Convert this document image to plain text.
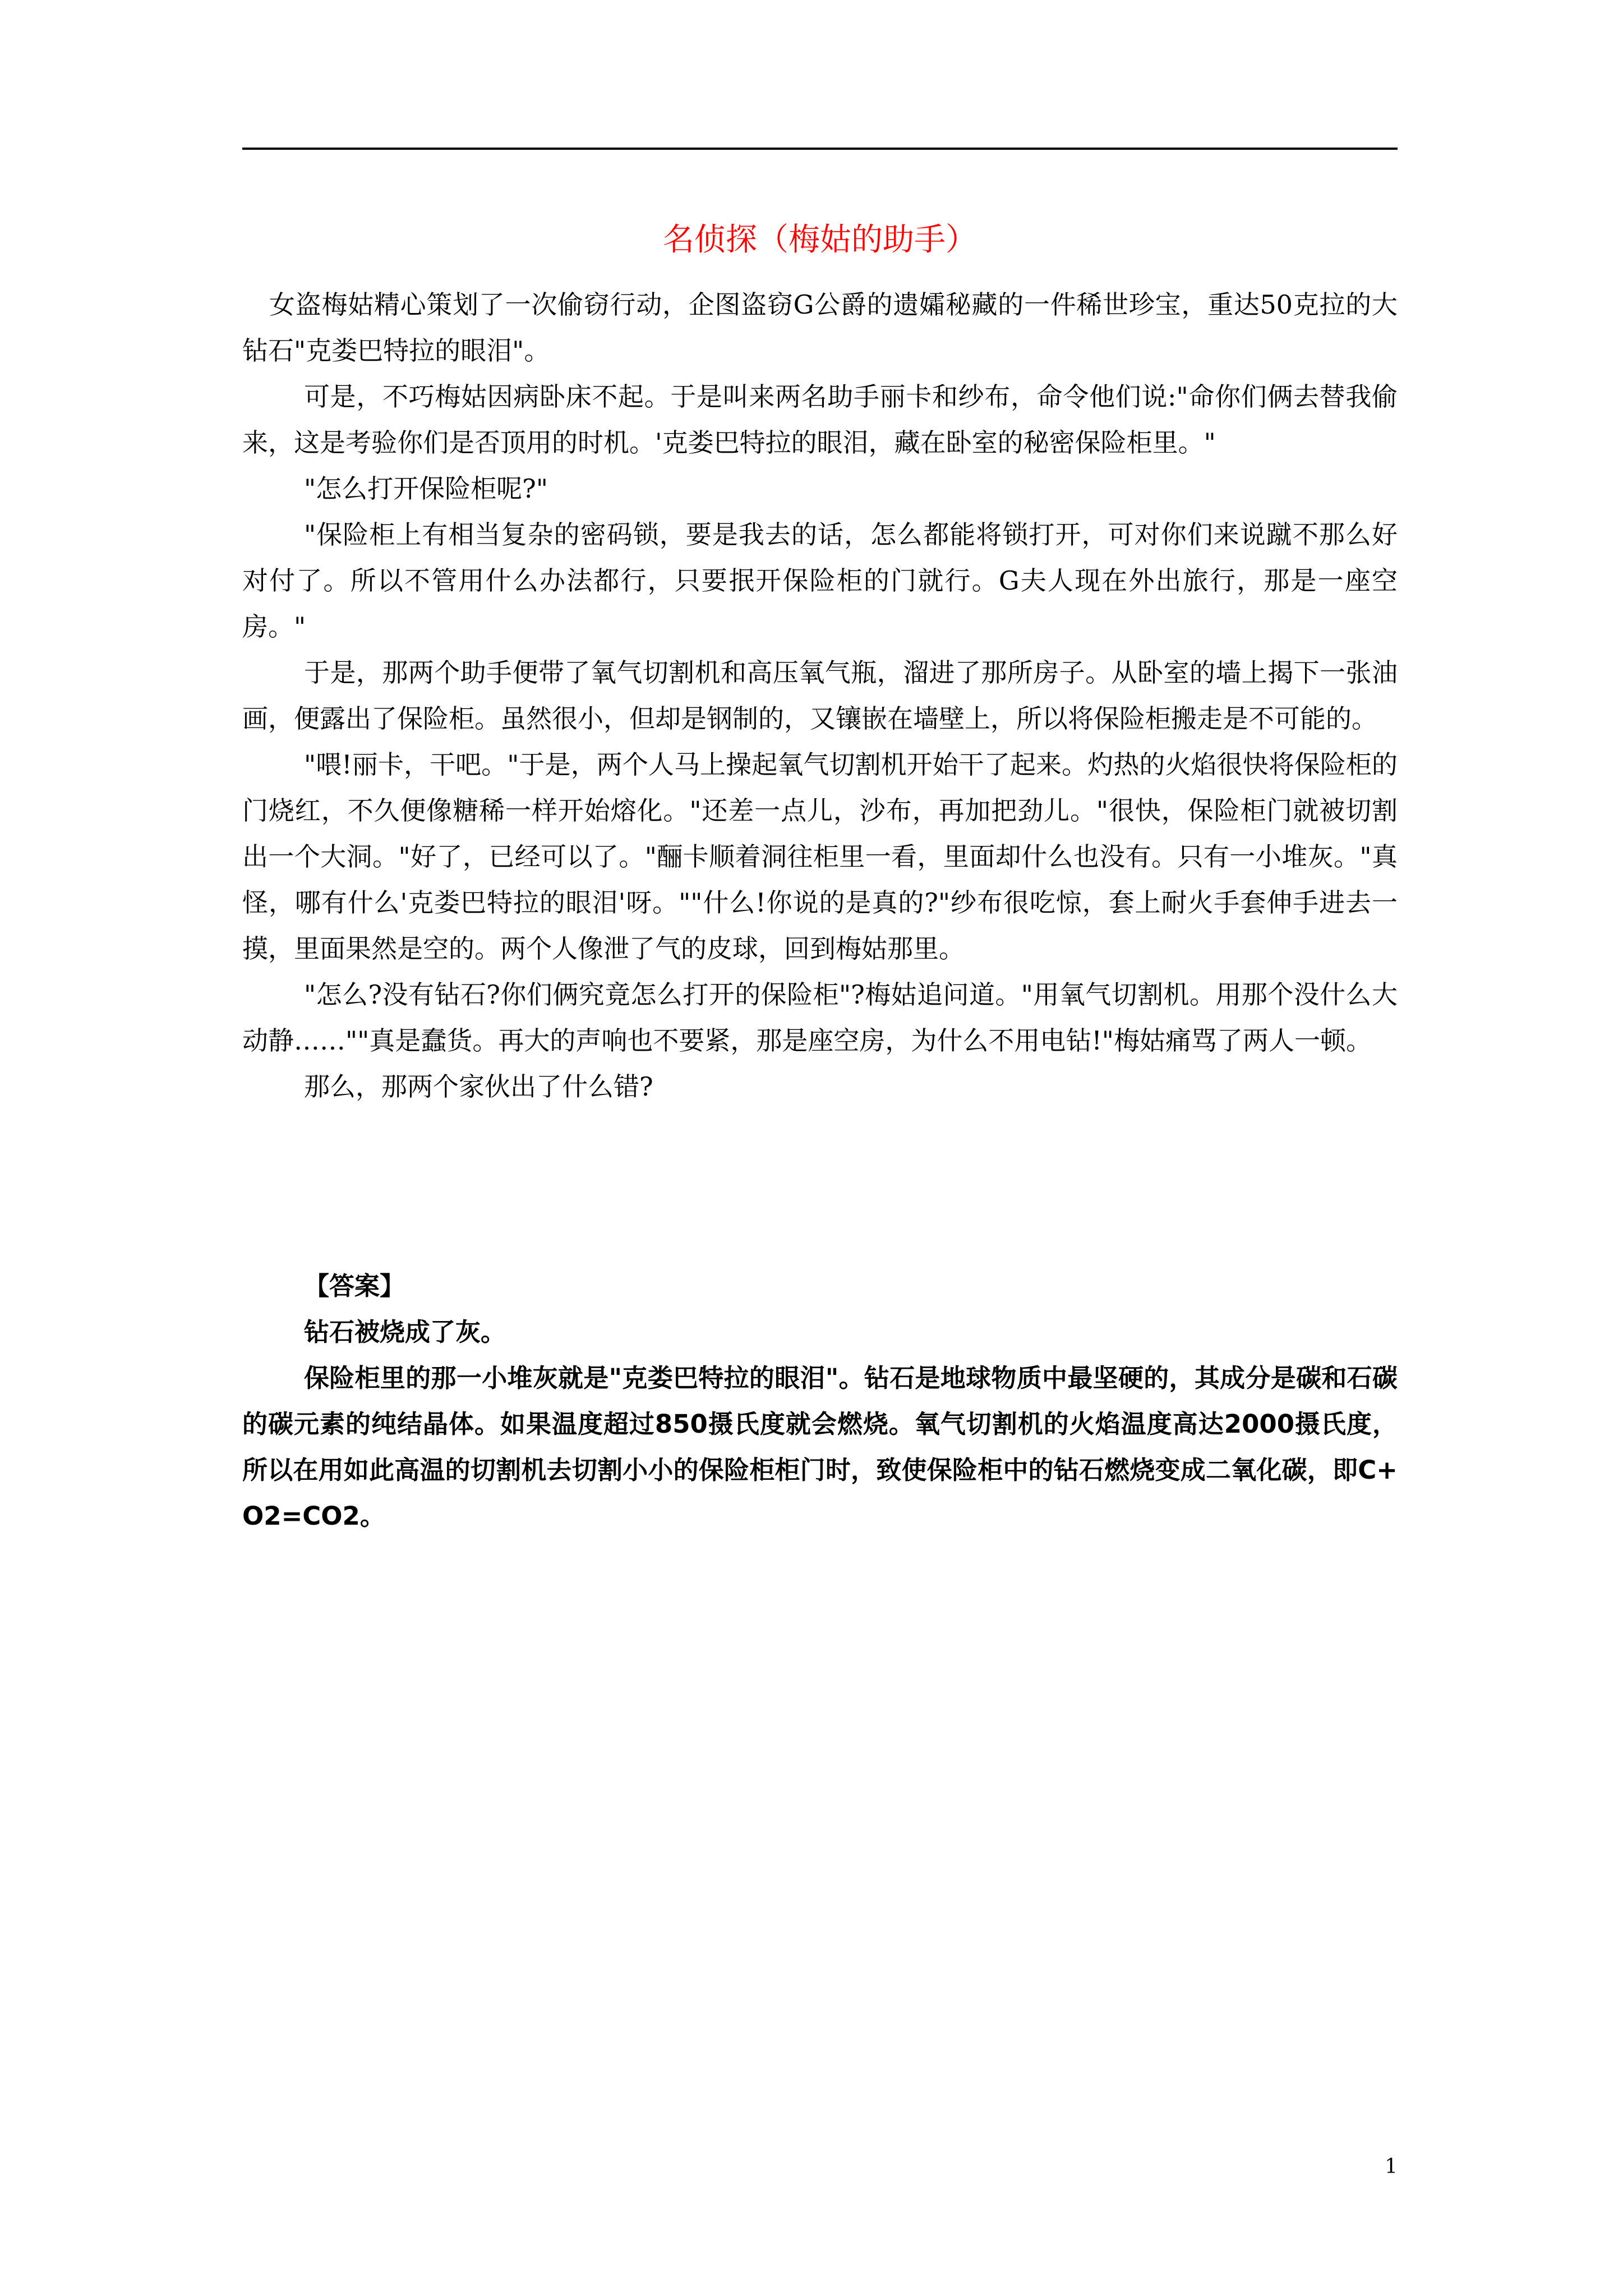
名侦探（梅姑的助手）

女盗梅姑精心策划了一次偷窃行动，企图盗窃G公爵的遗孀秘藏的一件稀世珍宝，重达50克拉的大钻石"克娄巴特拉的眼泪"。

可是，不巧梅姑因病卧床不起。于是叫来两名助手丽卡和纱布，命令他们说:"命你们俩去替我偷来，这是考验你们是否顶用的时机。'克娄巴特拉的眼泪，藏在卧室的秘密保险柜里。"

"怎么打开保险柜呢?"

"保险柜上有相当复杂的密码锁，要是我去的话，怎么都能将锁打开，可对你们来说蹴不那么好对付了。所以不管用什么办法都行，只要抿开保险柜的门就行。G夫人现在外出旅行，那是一座空房。"

于是，那两个助手便带了氧气切割机和高压氧气瓶，溜进了那所房子。从卧室的墙上揭下一张油画，便露出了保险柜。虽然很小，但却是钢制的，又镶嵌在墙壁上，所以将保险柜搬走是不可能的。

"喂!丽卡，干吧。"于是，两个人马上操起氧气切割机开始干了起来。灼热的火焰很快将保险柜的门烧红，不久便像糖稀一样开始熔化。"还差一点儿，沙布，再加把劲儿。"很快，保险柜门就被切割出一个大洞。"好了，已经可以了。"酾卡顺着洞往柜里一看，里面却什么也没有。只有一小堆灰。"真怪，哪有什么'克娄巴特拉的眼泪'呀。""什么!你说的是真的?"纱布很吃惊，套上耐火手套伸手进去一摸，里面果然是空的。两个人像泄了气的皮球，回到梅姑那里。

"怎么?没有钻石?你们俩究竟怎么打开的保险柜"?梅姑追问道。"用氧气切割机。用那个没什么大动静……""真是蠢货。再大的声响也不要紧，那是座空房，为什么不用电钻!"梅姑痛骂了两人一顿。

那么，那两个家伙出了什么错?

【答案】

钻石被烧成了灰。

保险柜里的那一小堆灰就是"克娄巴特拉的眼泪"。钻石是地球物质中最坚硬的，其成分是碳和石碳的碳元素的纯结晶体。如果温度超过850摄氏度就会燃烧。氧气切割机的火焰温度高达2000摄氏度，所以在用如此高温的切割机去切割小小的保险柜柜门时，致使保险柜中的钻石燃烧变成二氧化碳，即C+O2=CO2。

1
